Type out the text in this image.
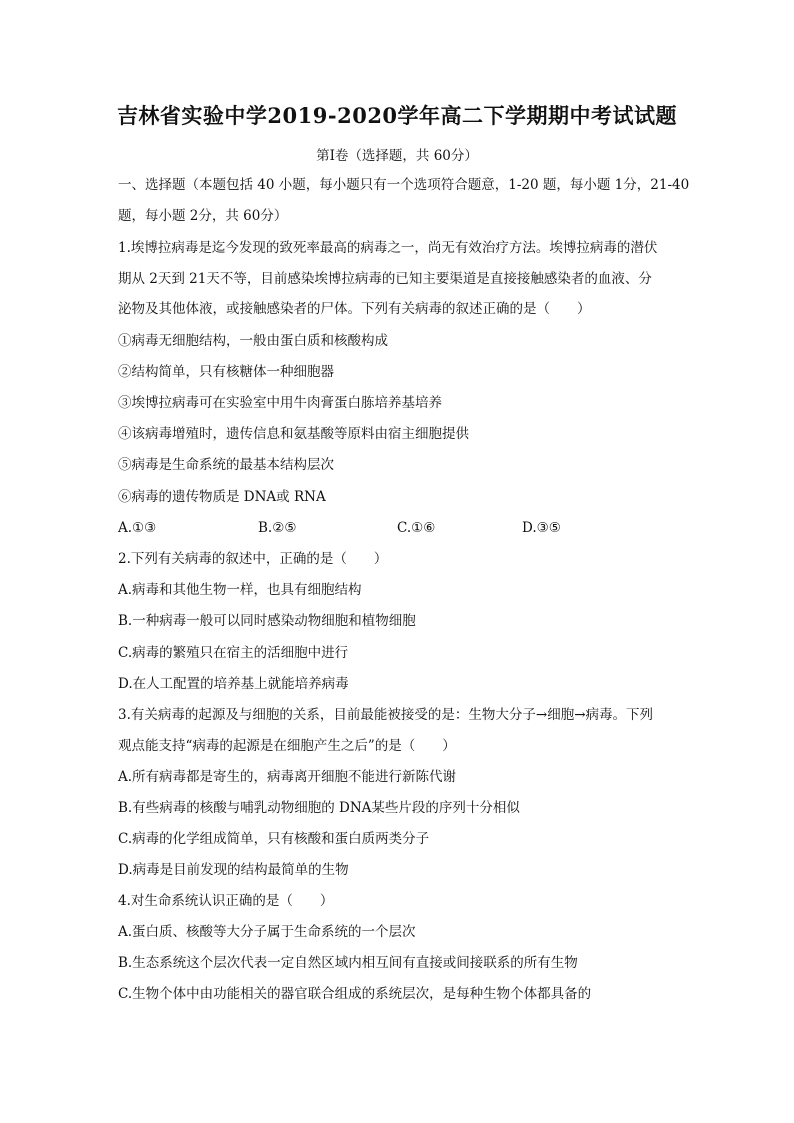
吉林省实验中学2019-2020学年高二下学期期中考试试题
第Ⅰ卷（选择题，共 60分）
一、选择题（本题包括 40 小题，每小题只有一个选项符合题意，1-20 题，每小题 1分，21-40
题，每小题 2分，共 60分）
1.埃博拉病毒是迄今发现的致死率最高的病毒之一，尚无有效治疗方法。埃博拉病毒的潜伏
期从 2天到 21天不等，目前感染埃博拉病毒的已知主要渠道是直接接触感染者的血液、分
泌物及其他体液，或接触感染者的尸体。下列有关病毒的叙述正确的是（　　）
①病毒无细胞结构，一般由蛋白质和核酸构成
②结构简单，只有核糖体一种细胞器
③埃博拉病毒可在实验室中用牛肉膏蛋白胨培养基培养
④该病毒增殖时，遗传信息和氨基酸等原料由宿主细胞提供
⑤病毒是生命系统的最基本结构层次
⑥病毒的遗传物质是 DNA或 RNA
A.①③	B.②⑤	C.①⑥	D.③⑤
2.下列有关病毒的叙述中，正确的是（　　）
A.病毒和其他生物一样，也具有细胞结构
B.一种病毒一般可以同时感染动物细胞和植物细胞
C.病毒的繁殖只在宿主的活细胞中进行
D.在人工配置的培养基上就能培养病毒
3.有关病毒的起源及与细胞的关系，目前最能被接受的是：生物大分子→细胞→病毒。下列
观点能支持“病毒的起源是在细胞产生之后”的是（　　）
A.所有病毒都是寄生的，病毒离开细胞不能进行新陈代谢
B.有些病毒的核酸与哺乳动物细胞的 DNA某些片段的序列十分相似
C.病毒的化学组成简单，只有核酸和蛋白质两类分子
D.病毒是目前发现的结构最简单的生物
4.对生命系统认识正确的是（　　）
A.蛋白质、核酸等大分子属于生命系统的一个层次
B.生态系统这个层次代表一定自然区域内相互间有直接或间接联系的所有生物
C.生物个体中由功能相关的器官联合组成的系统层次，是每种生物个体都具备的
